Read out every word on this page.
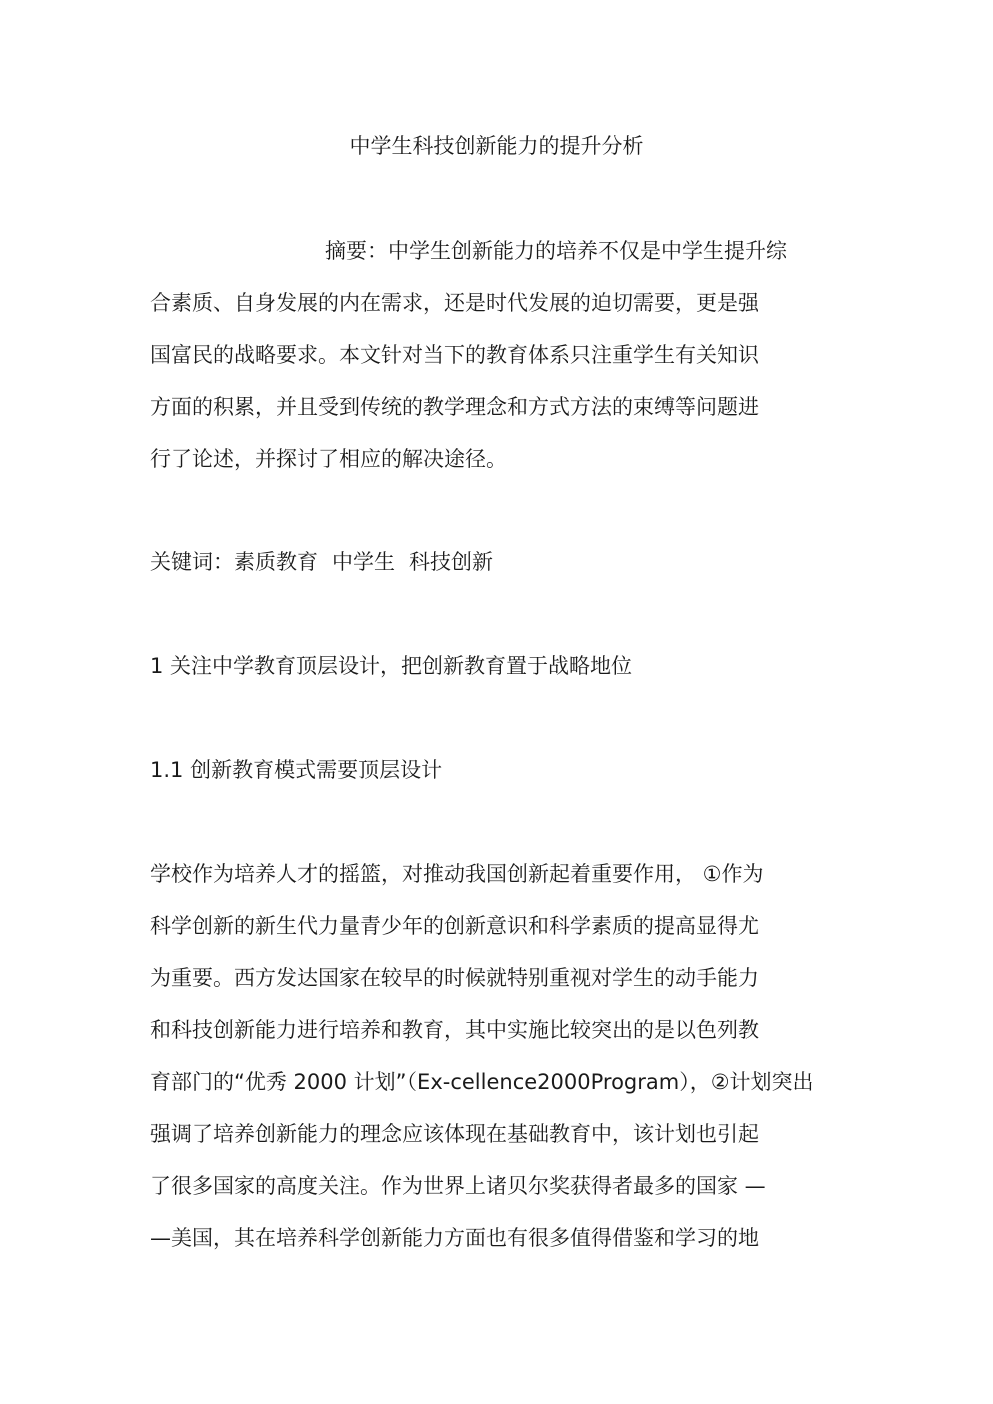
中学生科技创新能力的提升分析

摘要：中学生创新能力的培养不仅是中学生提升综

合素质、自身发展的内在需求，还是时代发展的迫切需要，更是强

国富民的战略要求。本文针对当下的教育体系只注重学生有关知识

方面的积累，并且受到传统的教学理念和方式方法的束缚等问题进

行了论述，并探讨了相应的解决途径。

关键词：素质教育 中学生 科技创新

1 关注中学教育顶层设计，把创新教育置于战略地位

1.1 创新教育模式需要顶层设计

学校作为培养人才的摇篮，对推动我国创新起着重要作用， ①作为

科学创新的新生代力量青少年的创新意识和科学素质的提高显得尤

为重要。西方发达国家在较早的时候就特别重视对学生的动手能力

和科技创新能力进行培养和教育，其中实施比较突出的是以色列教

育部门的“优秀 2000 计划”（Ex-cellence2000Program），②计划突出

强调了培养创新能力的理念应该体现在基础教育中，该计划也引起

了很多国家的高度关注。作为世界上诸贝尔奖获得者最多的国家 —

—美国，其在培养科学创新能力方面也有很多值得借鉴和学习的地
